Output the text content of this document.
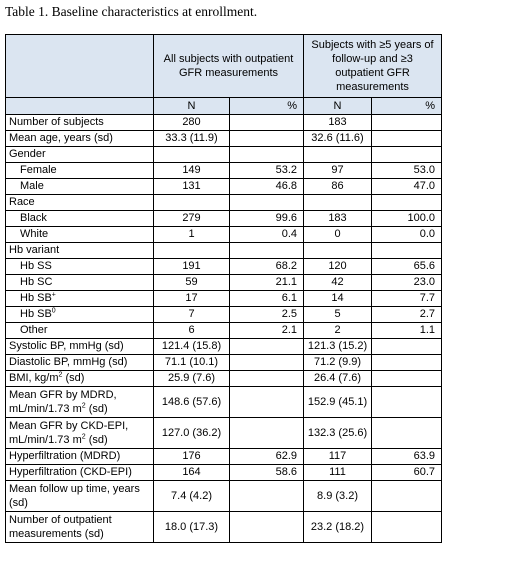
Table 1. Baseline characteristics at enrollment.
	All subjects with outpatient GFR measurements		Subjects with ≥5 years of follow-up and ≥3 outpatient GFR measurements	
	N	%	N	%
Number of subjects	280		183	
Mean age, years (sd)	33.3 (11.9)		32.6 (11.6)	
Gender				
Female	149	53.2	97	53.0
Male	131	46.8	86	47.0
Race				
Black	279	99.6	183	100.0
White	1	0.4	0	0.0
Hb variant				
Hb SS	191	68.2	120	65.6
Hb SC	59	21.1	42	23.0
Hb SB+	17	6.1	14	7.7
Hb $SB^0$	7	2.5	5	2.7
Other	6	2.1	2	1.1
Systolic BP, mmHg (sd)	121.4 (15.8)		121.3 (15.2)	
Diastolic BP, mmHg (sd)	71.1 (10.1)		71.2 (9.9)	
BMI, $kg/m^2$ (sd)	25.9 (7.6)		26.4 (7.6)	
Mean GFR by MDRD, mL/min/1.73 $m^2$ (sd)	148.6 (57.6)		152.9 (45.1)	
Mean GFR by CKD-EPI, mL/min/1.73 $m^2$ (sd)	127.0 (36.2)		132.3 (25.6)	
Hyperfiltration (MDRD)	176	62.9	117	63.9
Hyperfiltration (CKD-EPI)	164	58.6	111	60.7
Mean follow up time, years (sd)	7.4 (4.2)		8.9 (3.2)	
Number of outpatient measurements (sd)	18.0 (17.3)		23.2 (18.2)	
